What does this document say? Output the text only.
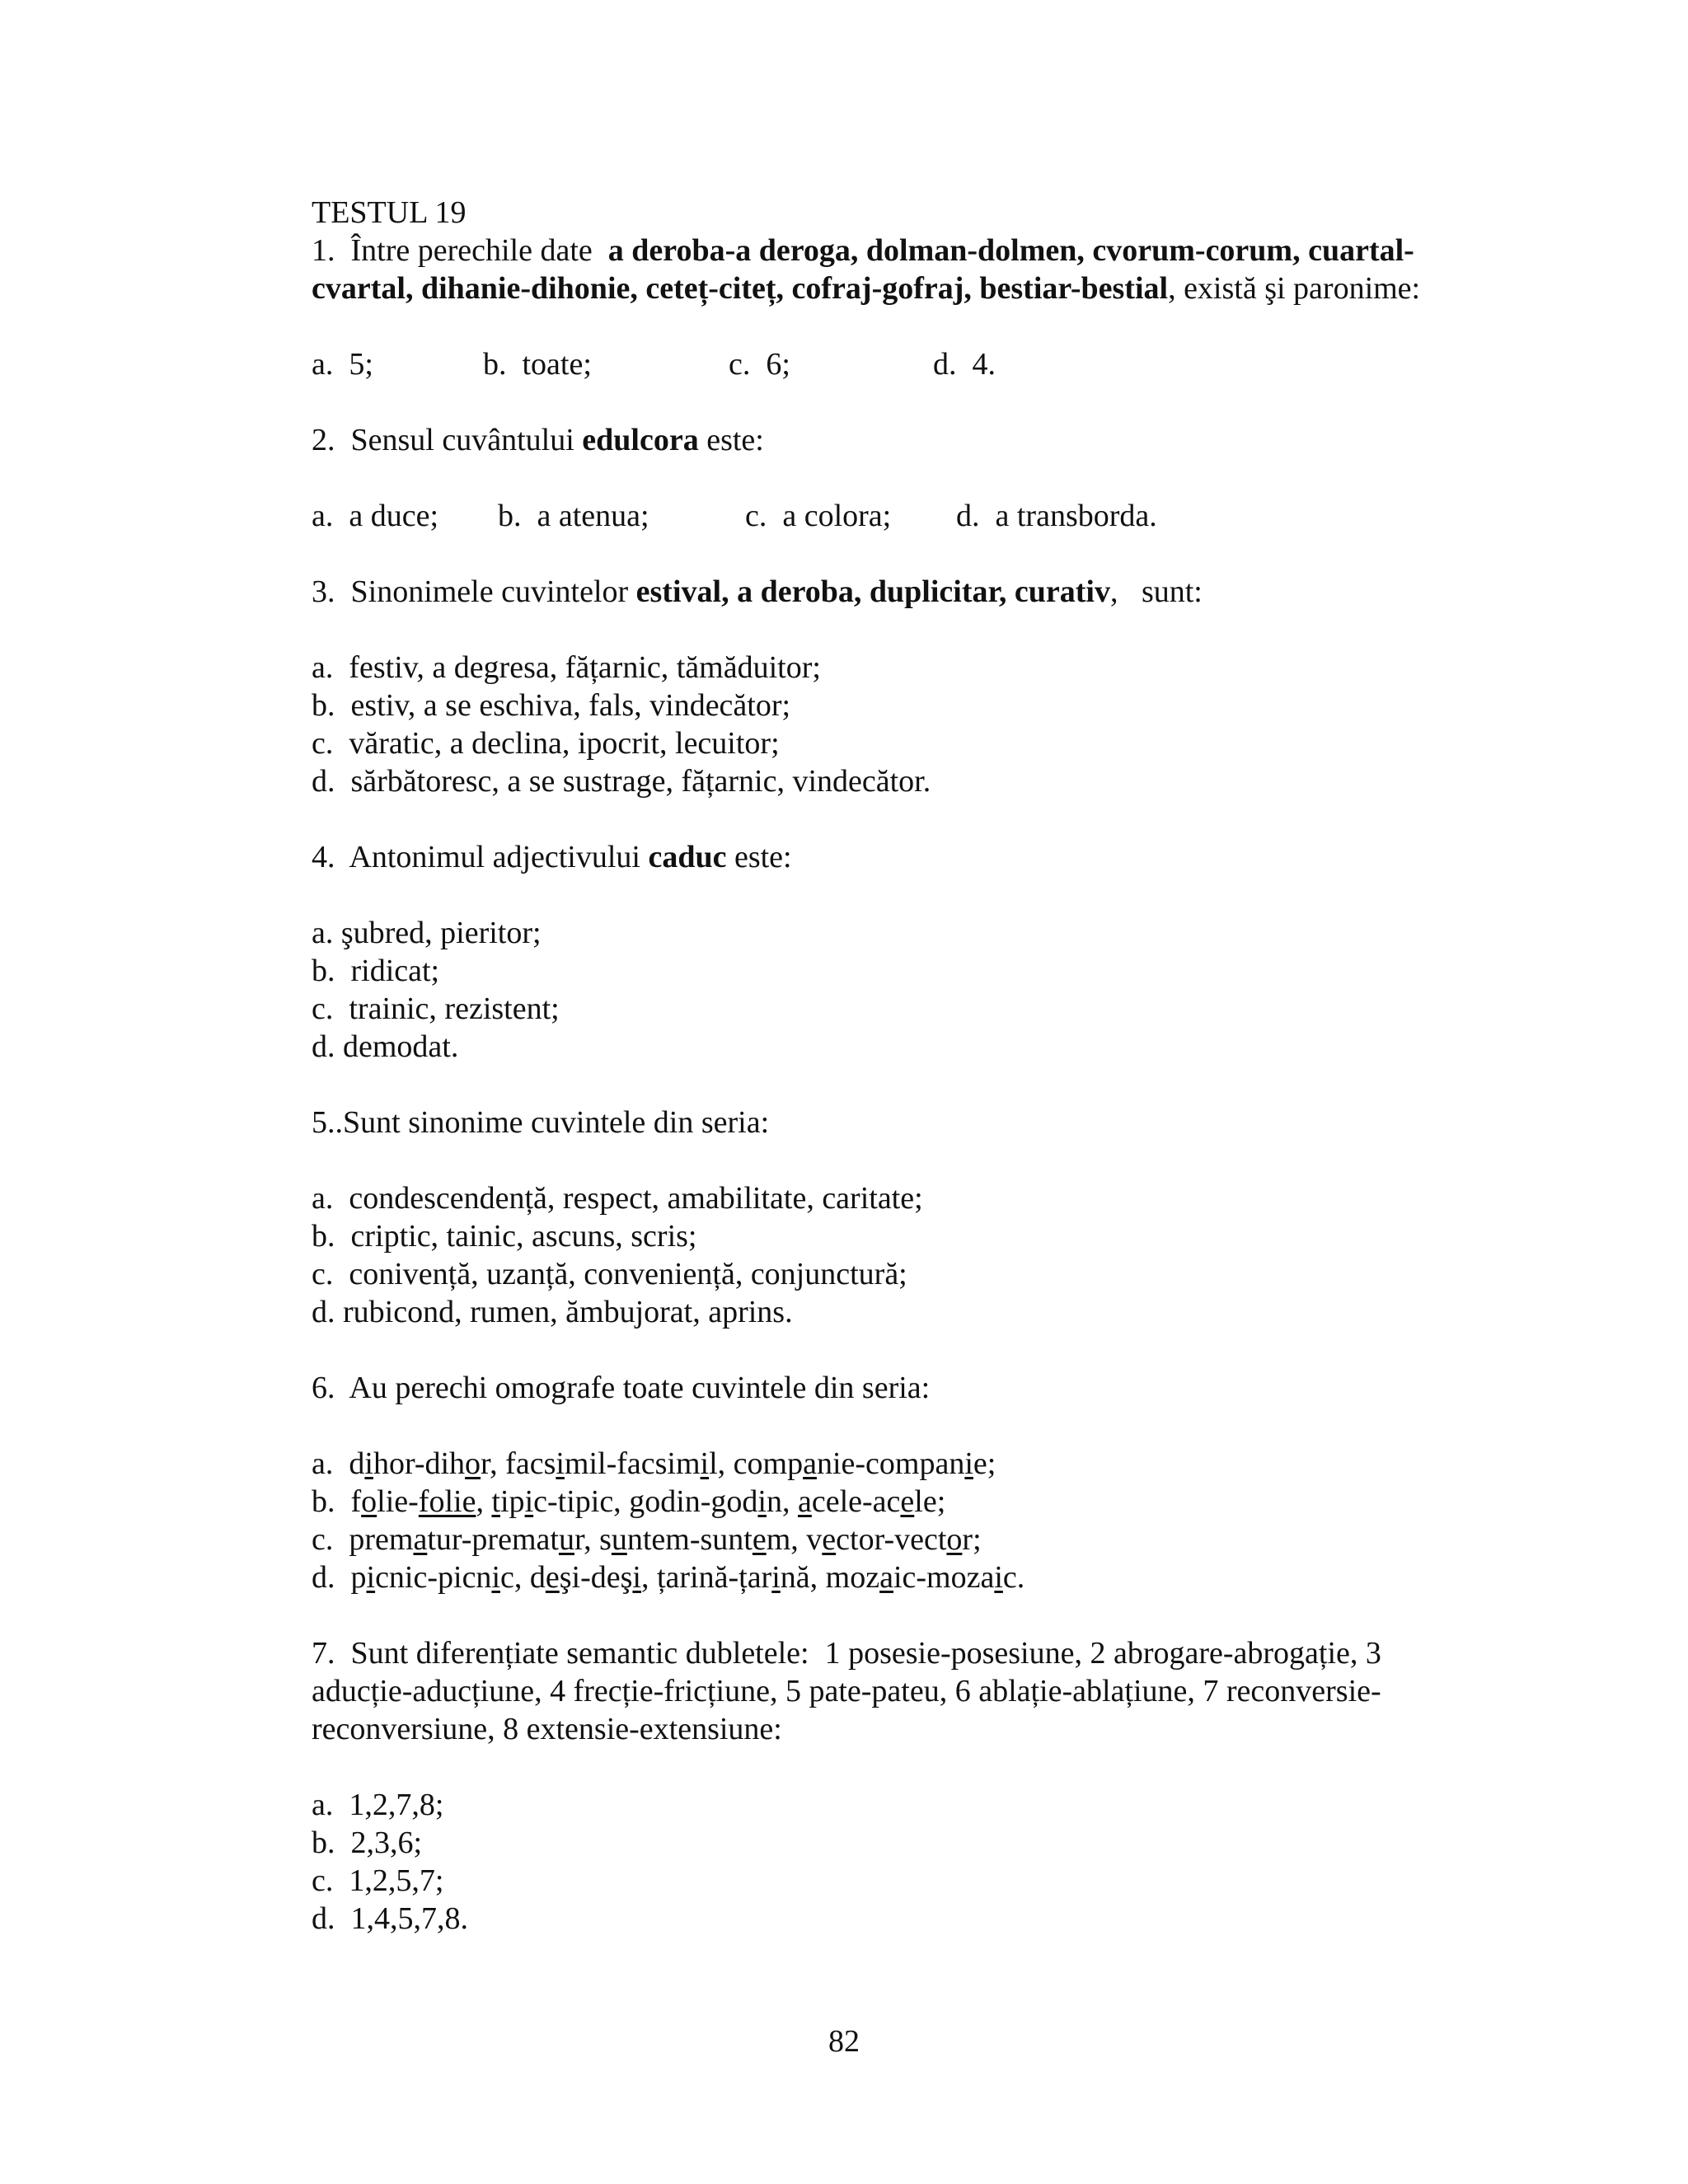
TESTUL 19
1.  Între perechile date  a deroba-a deroga, dolman-dolmen, cvorum-corum, cuartal-
cvartal, dihanie-dihonie, ceteț-citeț, cofraj-gofraj, bestiar-bestial, există şi paronime:
a.  5;	b.  toate;	c.  6;	d.  4.
2.  Sensul cuvântului edulcora este:
a.  a duce;	b.  a atenua;	c.  a colora;	d.  a transborda.
3.  Sinonimele cuvintelor estival, a deroba, duplicitar, curativ,   sunt:
a.  festiv, a degresa, fățarnic, tămăduitor;
b.  estiv, a se eschiva, fals, vindecător;
c.  văratic, a declina, ipocrit, lecuitor;
d.  sărbătoresc, a se sustrage, fățarnic, vindecător.
4.  Antonimul adjectivului caduc este:
a. şubred, pieritor;
b.  ridicat;
c.  trainic, rezistent;
d. demodat.
5..Sunt sinonime cuvintele din seria:
a.  condescendență, respect, amabilitate, caritate;
b.  criptic, tainic, ascuns, scris;
c.  conivență, uzanță, conveniență, conjunctură;
d. rubicond, rumen, ămbujorat, aprins.
6.  Au perechi omografe toate cuvintele din seria:
a.  dihor-dihor, facsimil-facsimil, companie-companie;
b.  folie-folie, tipic-tipic, godin-godin, acele-acele;
c.  prematur-prematur, suntem-suntem, vector-vector;
d.  picnic-picnic, deşi-deşi, țarină-țarină, mozaic-mozaic.
7.  Sunt diferențiate semantic dubletele:  1 posesie-posesiune, 2 abrogare-abrogație, 3
aducție-aducțiune, 4 frecție-fricțiune, 5 pate-pateu, 6 ablație-ablațiune, 7 reconversie-
reconversiune, 8 extensie-extensiune:
a.  1,2,7,8;
b.  2,3,6;
c.  1,2,5,7;
d.  1,4,5,7,8.
82
